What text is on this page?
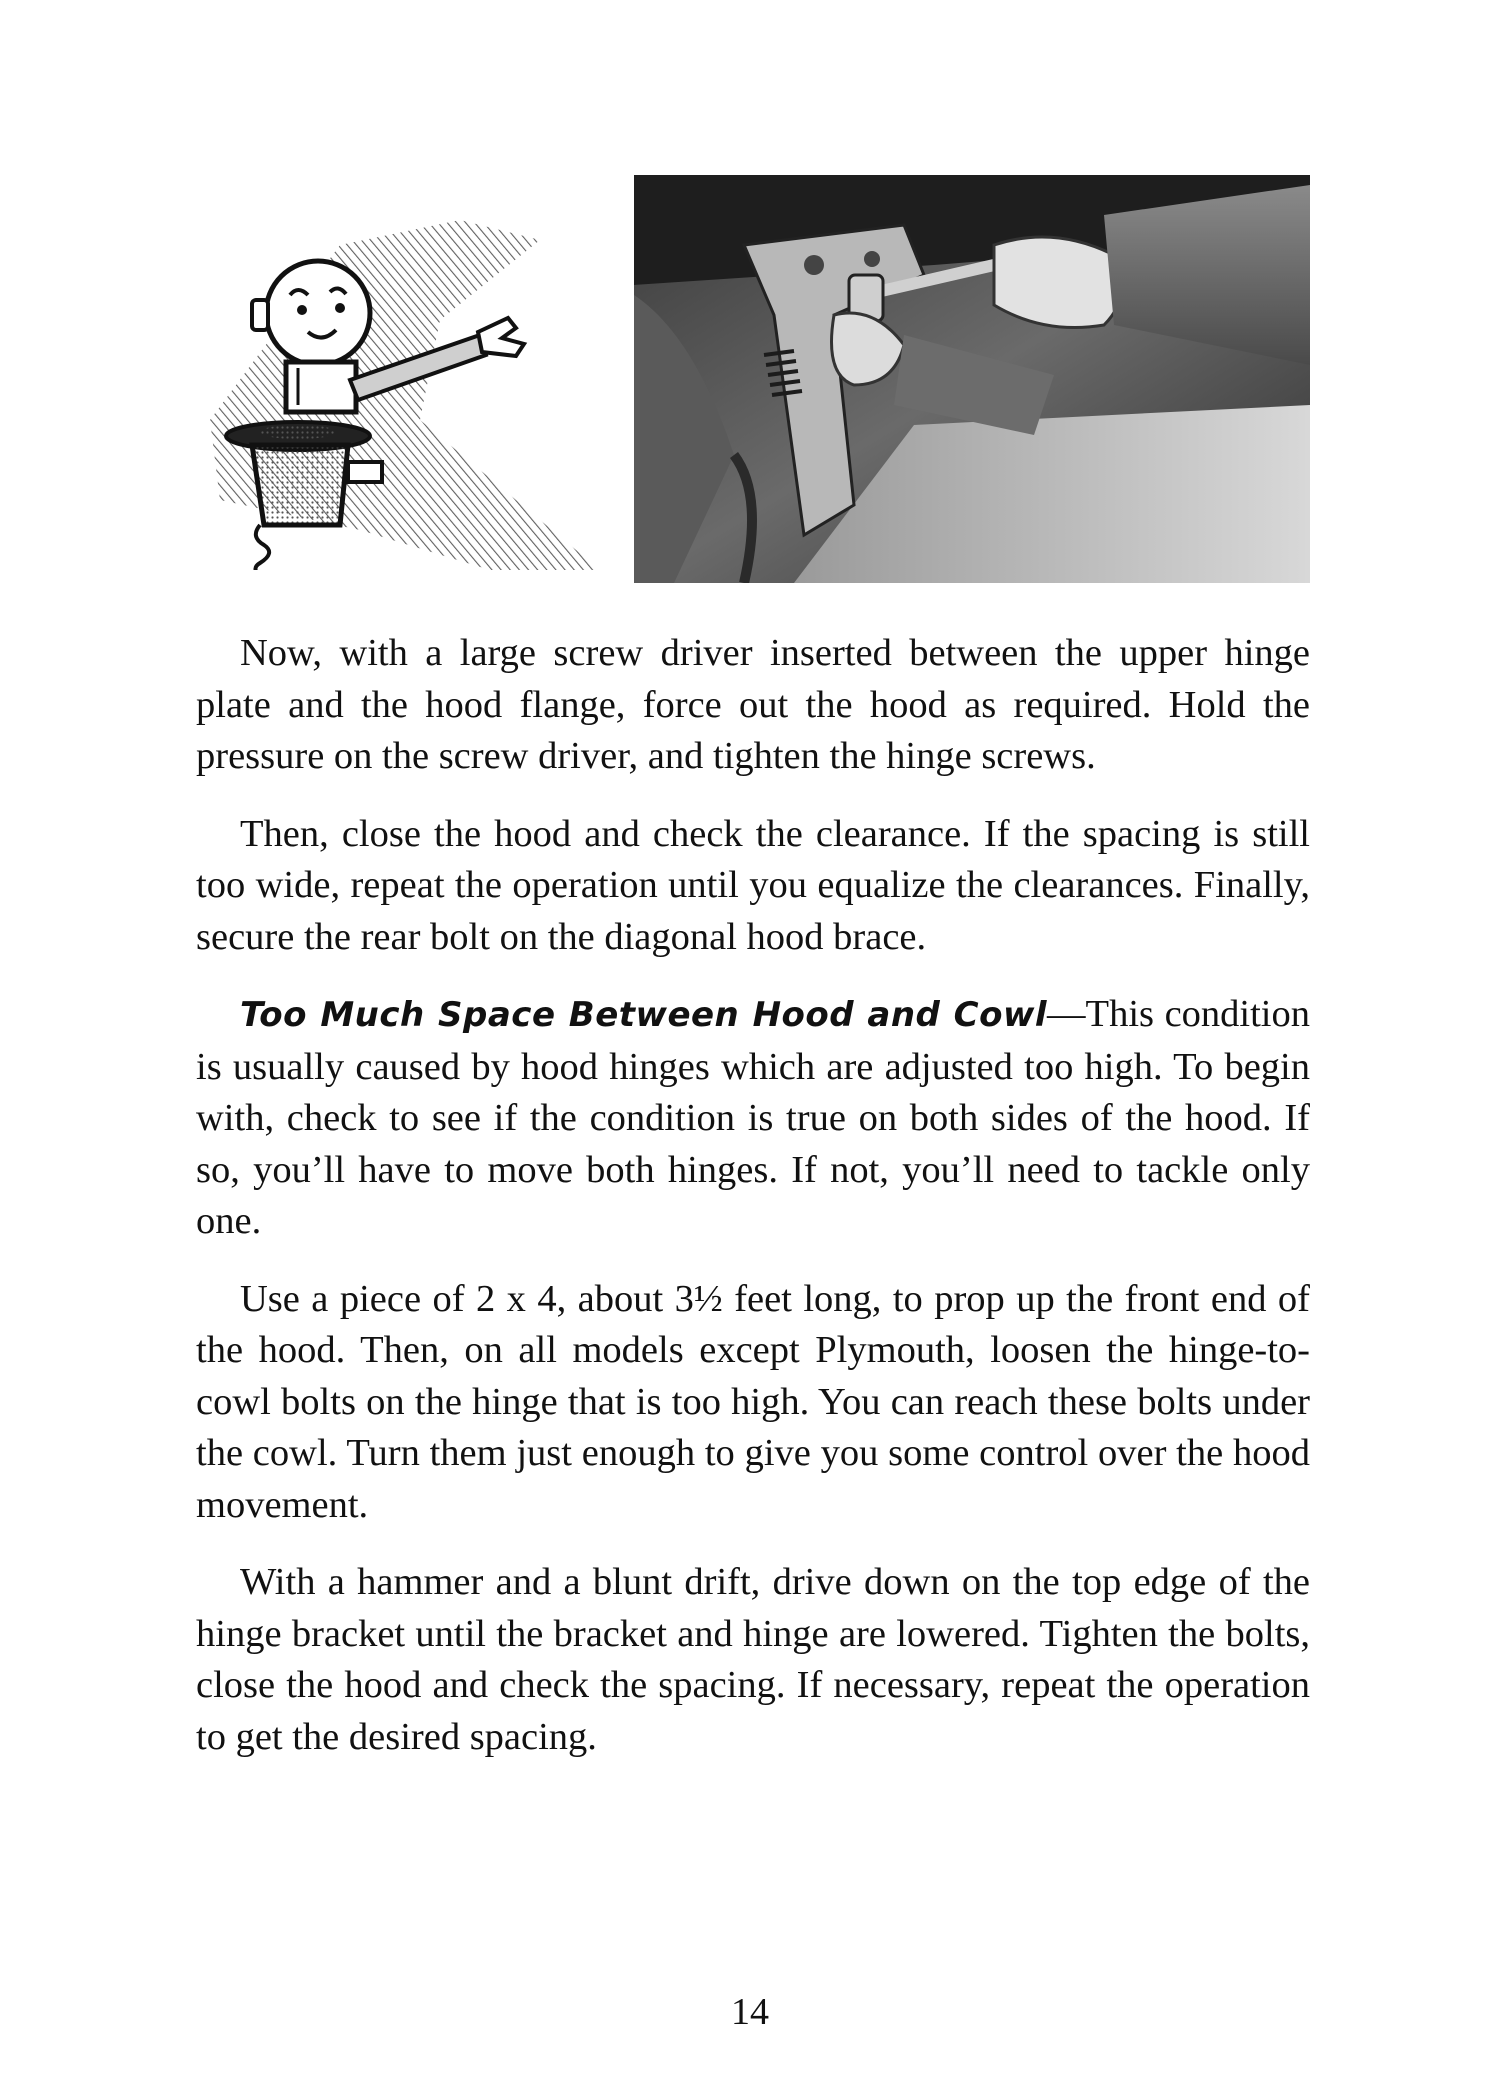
Now, with a large screw driver inserted between the upper hinge plate and the hood flange, force out the hood as required. Hold the pressure on the screw driver, and tighten the hinge screws.

Then, close the hood and check the clearance. If the spacing is still too wide, repeat the operation until you equalize the clearances. Finally, secure the rear bolt on the diagonal hood brace.

Too Much Space Between Hood and Cowl—This condition is usually caused by hood hinges which are adjusted too high. To begin with, check to see if the condition is true on both sides of the hood. If so, you’ll have to move both hinges. If not, you’ll need to tackle only one.

Use a piece of 2 x 4, about 3½ feet long, to prop up the front end of the hood. Then, on all models except Plymouth, loosen the hinge-to-cowl bolts on the hinge that is too high. You can reach these bolts under the cowl. Turn them just enough to give you some control over the hood movement.

With a hammer and a blunt drift, drive down on the top edge of the hinge bracket until the bracket and hinge are lowered. Tighten the bolts, close the hood and check the spacing. If necessary, repeat the operation to get the desired spacing.

14
